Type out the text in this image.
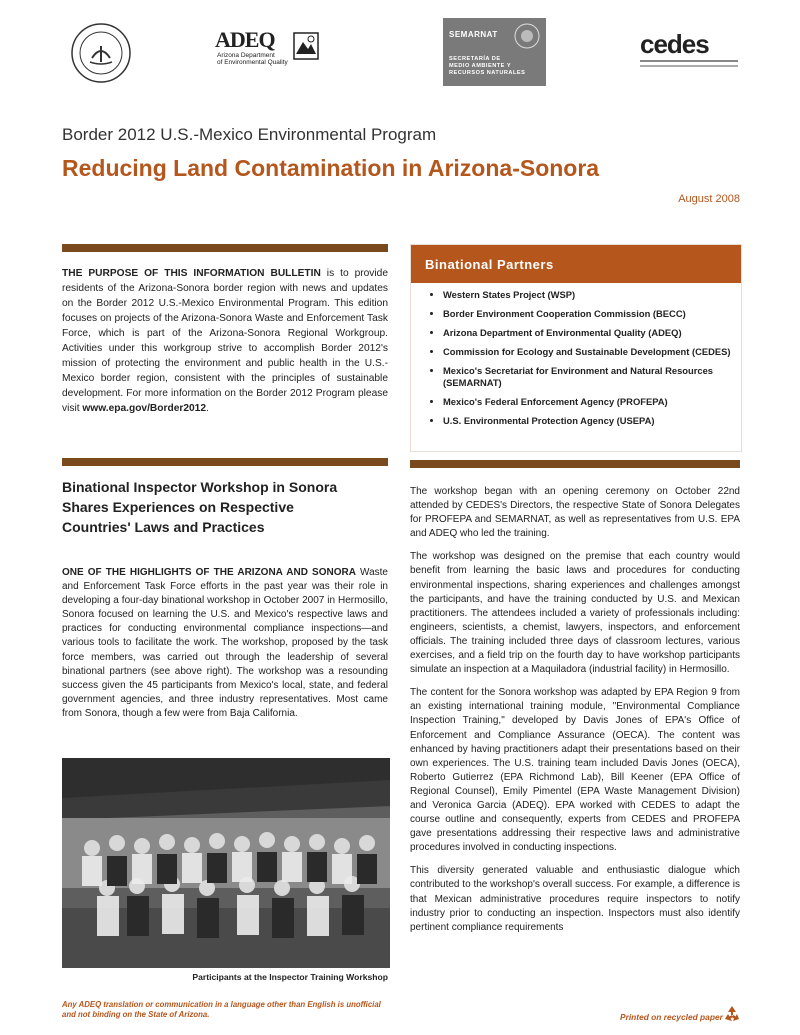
ADEQ
Arizona Department
of Environmental Quality
SEMARNAT
SECRETARÍA DE
MEDIO AMBIENTE Y
RECURSOS NATURALES
cedes
Border 2012 U.S.-Mexico Environmental Program
Reducing Land Contamination in Arizona-Sonora
August 2008
THE PURPOSE OF THIS INFORMATION BULLETIN is to provide residents of the Arizona-Sonora border region with news and updates on the Border 2012 U.S.-Mexico Environmental Program. This edition focuses on projects of the Arizona-Sonora Waste and Enforcement Task Force, which is part of the Arizona-Sonora Regional Workgroup. Activities under this workgroup strive to accomplish Border 2012's mission of protecting the environment and public health in the U.S.-Mexico border region, consistent with the principles of sustainable development. For more information on the Border 2012 Program please visit www.epa.gov/Border2012.
Binational Partners
• Western States Project (WSP)
• Border Environment Cooperation Commission (BECC)
• Arizona Department of Environmental Quality (ADEQ)
• Commission for Ecology and Sustainable Development (CEDES)
• Mexico's Secretariat for Environment and Natural Resources (SEMARNAT)
• Mexico's Federal Enforcement Agency (PROFEPA)
• U.S. Environmental Protection Agency (USEPA)
Binational Inspector Workshop in Sonora Shares Experiences on Respective Countries' Laws and Practices
ONE OF THE HIGHLIGHTS OF THE ARIZONA AND SONORA Waste and Enforcement Task Force efforts in the past year was their role in developing a four-day binational workshop in October 2007 in Hermosillo, Sonora focused on learning the U.S. and Mexico's respective laws and practices for conducting environmental compliance inspections—and various tools to facilitate the work. The workshop, proposed by the task force members, was carried out through the leadership of several binational partners (see above right). The workshop was a resounding success given the 45 participants from Mexico's local, state, and federal government agencies, and three industry representatives. Most came from Sonora, though a few were from Baja California.
Participants at the Inspector Training Workshop

The workshop began with an opening ceremony on October 22nd attended by CEDES's Directors, the respective State of Sonora Delegates for PROFEPA and SEMARNAT, as well as representatives from U.S. EPA and ADEQ who led the training.

The workshop was designed on the premise that each country would benefit from learning the basic laws and procedures for conducting environmental inspections, sharing experiences and challenges amongst the participants, and have the training conducted by U.S. and Mexican practitioners. The attendees included a variety of professionals including: engineers, scientists, a chemist, lawyers, inspectors, and enforcement officials. The training included three days of classroom lectures, various exercises, and a field trip on the fourth day to have workshop participants simulate an inspection at a Maquiladora (industrial facility) in Hermosillo.

The content for the Sonora workshop was adapted by EPA Region 9 from an existing international training module, "Environmental Compliance Inspection Training," developed by Davis Jones of EPA's Office of Enforcement and Compliance Assurance (OECA). The content was enhanced by having practitioners adapt their presentations based on their own experiences. The U.S. training team included Davis Jones (OECA), Roberto Gutierrez (EPA Richmond Lab), Bill Keener (EPA Office of Regional Counsel), Emily Pimentel (EPA Waste Management Division) and Veronica Garcia (ADEQ). EPA worked with CEDES to adapt the course outline and consequently, experts from CEDES and PROFEPA gave presentations addressing their respective laws and administrative procedures involved in conducting inspections.

This diversity generated valuable and enthusiastic dialogue which contributed to the workshop's overall success. For example, a difference is that Mexican administrative procedures require inspectors to notify industry prior to conducting an inspection. Inspectors must also identify pertinent compliance requirements

Any ADEQ translation or communication in a language other than English is unofficial and not binding on the State of Arizona.	Printed on recycled paper
